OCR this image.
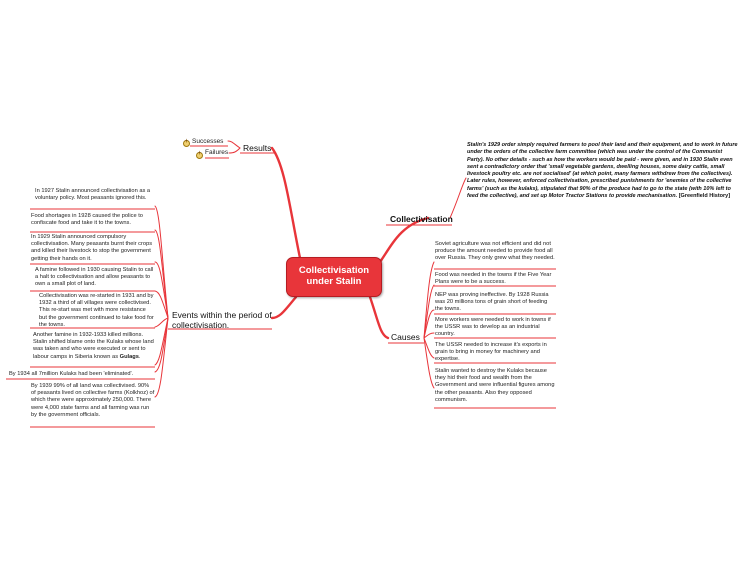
Collectivisation
under Stalin
Results
+
Successes
+
Failures
Collectivisation
Stalin's 1929 order simply required farmers to pool their land and their equipment, and to work in future under the orders of the collective farm committee (which was under the control of the Communist Party). No other details - such as how the workers would be paid - were given, and in 1930 Stalin even sent a contradictory order that 'small vegetable gardens, dwelling houses, some dairy cattle, small livestock poultry etc. are not socialised' (at which point, many farmers withdrew from the collectives). Later rules, however, enforced collectivisation, prescribed punishments for 'enemies of the collective farms' (such as the kulaks), stipulated that 90% of the produce had to go to the state (with 10% left to feed the collective), and set up Motor Tractor Stations to provide mechanisation. [Greenfield History]
Causes
Soviet agriculture was not efficient and did not produce the amount needed to provide food all over Russia. They only grew what they needed.
Food was needed in the towns if the Five Year Plans were to be a success.
NEP was proving ineffective. By 1928 Russia was 20 millions tons of grain short of feeding the towns.
More workers were needed to work in towns if the USSR was to develop as an industrial country.
The USSR needed to increase it's exports in grain to bring in money for machinery and expertise.
Stalin wanted to destroy the Kulaks because they hid their food and wealth from the Government and were influential figures among the other peasants. Also they opposed communism.
Events within the period of collectivisation.
In 1927 Stalin announced collectivisation as a voluntary policy. Most peasants ignored this.
Food shortages in 1928 caused the police to confiscate food and take it to the towns.
In 1929 Stalin announced compulsory collectivisation. Many peasants burnt their crops and killed their livestock to stop the government getting their hands on it.
A famine followed in 1930 causing Stalin to call a halt to collectivisation and allow peasants to own a small plot of land.
Collectivisation was re-started in 1931 and by 1932 a third of all villages were collectivised. This re-start was met with more resistance but the government continued to take food for the towns.
Another famine in 1932-1933 killed millions. Stalin shifted blame onto the Kulaks whose land was taken and who were executed or sent to labour camps in Siberia known as Gulags.
By 1934 all 7million Kulaks had been 'eliminated'.
By 1939 99% of all land was collectivised. 90% of peasants lived on collective farms (Kolkhoz) of which there were approximately 250,000. There were 4,000 state farms and all farming was run by the government officials.
